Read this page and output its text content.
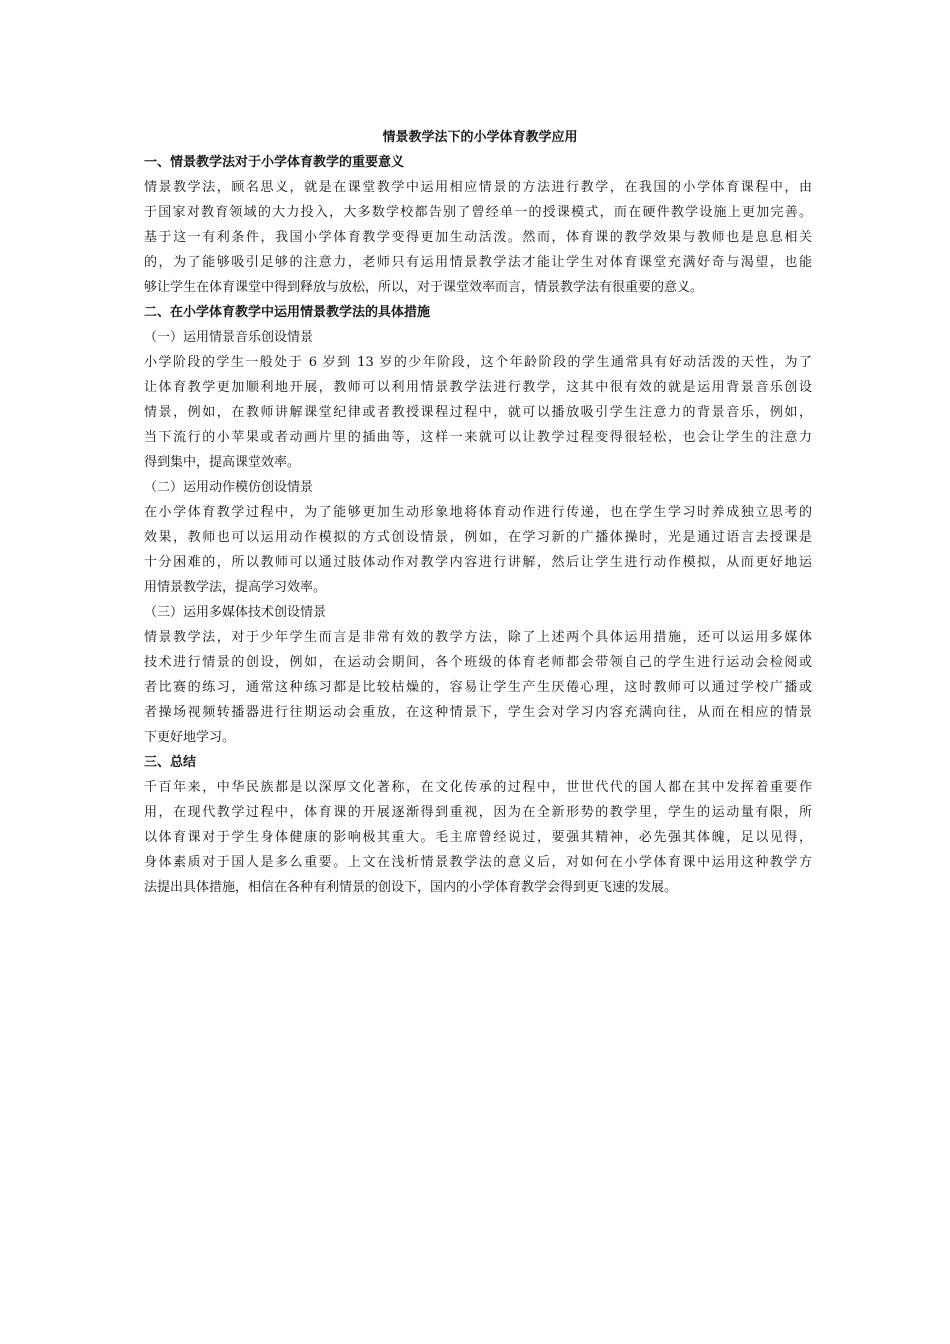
情景教学法下的小学体育教学应用
一、情景教学法对于小学体育教学的重要意义
情景教学法，顾名思义，就是在课堂教学中运用相应情景的方法进行教学，在我国的小学体育课程中，由
于国家对教育领域的大力投入，大多数学校都告别了曾经单一的授课模式，而在硬件教学设施上更加完善。
基于这一有利条件，我国小学体育教学变得更加生动活泼。然而，体育课的教学效果与教师也是息息相关
的，为了能够吸引足够的注意力，老师只有运用情景教学法才能让学生对体育课堂充满好奇与渴望，也能
够让学生在体育课堂中得到释放与放松，所以，对于课堂效率而言，情景教学法有很重要的意义。
二、在小学体育教学中运用情景教学法的具体措施
（一）运用情景音乐创设情景
小学阶段的学生一般处于 6 岁到 13 岁的少年阶段，这个年龄阶段的学生通常具有好动活泼的天性，为了
让体育教学更加顺利地开展，教师可以利用情景教学法进行教学，这其中很有效的就是运用背景音乐创设
情景，例如，在教师讲解课堂纪律或者教授课程过程中，就可以播放吸引学生注意力的背景音乐，例如，
当下流行的小苹果或者动画片里的插曲等，这样一来就可以让教学过程变得很轻松，也会让学生的注意力
得到集中，提高课堂效率。
（二）运用动作模仿创设情景
在小学体育教学过程中，为了能够更加生动形象地将体育动作进行传递，也在学生学习时养成独立思考的
效果，教师也可以运用动作模拟的方式创设情景，例如，在学习新的广播体操时，光是通过语言去授课是
十分困难的，所以教师可以通过肢体动作对教学内容进行讲解，然后让学生进行动作模拟，从而更好地运
用情景教学法，提高学习效率。
（三）运用多媒体技术创设情景
情景教学法，对于少年学生而言是非常有效的教学方法，除了上述两个具体运用措施，还可以运用多媒体
技术进行情景的创设，例如，在运动会期间，各个班级的体育老师都会带领自己的学生进行运动会检阅或
者比赛的练习，通常这种练习都是比较枯燥的，容易让学生产生厌倦心理，这时教师可以通过学校广播或
者操场视频转播器进行往期运动会重放，在这种情景下，学生会对学习内容充满向往，从而在相应的情景
下更好地学习。
三、总结
千百年来，中华民族都是以深厚文化著称，在文化传承的过程中，世世代代的国人都在其中发挥着重要作
用，在现代教学过程中，体育课的开展逐渐得到重视，因为在全新形势的教学里，学生的运动量有限，所
以体育课对于学生身体健康的影响极其重大。毛主席曾经说过，要强其精神，必先强其体魄，足以见得，
身体素质对于国人是多么重要。上文在浅析情景教学法的意义后，对如何在小学体育课中运用这种教学方
法提出具体措施，相信在各种有利情景的创设下，国内的小学体育教学会得到更飞速的发展。
